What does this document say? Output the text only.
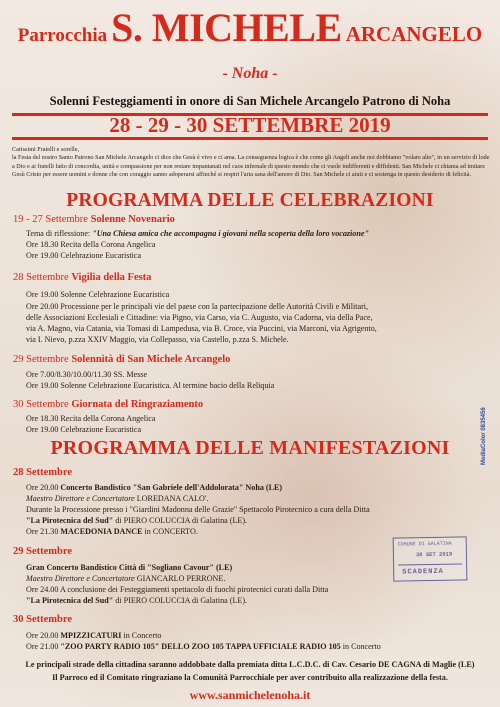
Parrocchia S. MICHELE ARCANGELO
- Noha -
Solenni Festeggiamenti in onore di San Michele Arcangelo Patrono di Noha
28 - 29 - 30 SETTEMBRE 2019
Carissimi Fratelli e sorelle,
la Festa del nostro Santo Patrono San Michele Arcangelo ci dice che Gesù è vivo e ci ama. La conseguenza logica è che come gli Angeli anche noi dobbiamo "volare alto", in un servizio di lode a Dio e ai fratelli fatto di concordia, unità e compassione per non restare impantanati nel caos infernale di questo mondo che ci vuole indifferenti e diffidenti. San Michele ci chiama ad imitare Gesù Cristo per essere uomini e donne che con coraggio sanno adoperarsi affinché si respiri l'aria sana dell'amore di Dio. San Michele ci aiuti e ci sostenga in questo desiderio di felicità.
PROGRAMMA DELLE CELEBRAZIONI
19 - 27 Settembre Solenne Novenario
Tema di riflessione: "Una Chiesa amica che accompagna i giovani nella scoperta della loro vocazione"
Ore 18.30 Recita della Corona Angelica
Ore 19.00 Celebrazione Eucaristica
28 Settembre Vigilia della Festa
Ore 19.00 Solenne Celebrazione Eucaristica
Ore 20.00 Processione per le principali vie del paese con la partecipazione delle Autorità Civili e Militari,
delle Associazioni Ecclesiali e Cittadine: via Pigno, via Carso, via C. Augusto, via Cadorna, via della Pace,
via A. Magno, via Catania, via Tomasi di Lampedusa, via B. Croce, via Puccini, via Marconi, via Agrigento,
via I. Nievo, p.zza XXIV Maggio, via Collepasso, via Castello, p.zza S. Michele.
29 Settembre Solennità di San Michele Arcangelo
Ore 7.00/8.30/10.00/11.30 SS. Messe
Ore 19.00 Solenne Celebrazione Eucaristica. Al termine bacio della Reliquia
30 Settembre Giornata del Ringraziamento
Ore 18.30 Recita della Corona Angelica
Ore 19.00 Celebrazione Eucaristica
PROGRAMMA DELLE MANIFESTAZIONI
28 Settembre
Ore 20.00 Concerto Bandistico "San Gabriele dell'Addolorata" Noha (LE)
Maestro Direttore e Concertatore LOREDANA CALO'.
Durante la Processione presso i "Giardini Madonna delle Grazie" Spettacolo Pirotecnico a cura della Ditta
"La Pirotecnica del Sud" di PIERO COLUCCIA di Galatina (LE).
Ore 21.30 MACEDONIA DANCE in CONCERTO.
29 Settembre
Gran Concerto Bandistico Città di "Sogliano Cavour" (LE)
Maestro Direttore e Concertatore GIANCARLO PERRONE.
Ore 24.00 A conclusione dei Festeggiamenti spettacolo di fuochi pirotecnici curati dalla Ditta
"La Pirotecnica del Sud" di PIERO COLUCCIA di Galatina (LE).
30 Settembre
Ore 20.00 MPIZZICATURI in Concerto
Ore 21.00 "ZOO PARTY RADIO 105" DELLO ZOO 105 TAPPA UFFICIALE RADIO 105 in Concerto
Le principali strade della cittadina saranno addobbate dalla premiata ditta L.C.D.C. di Cav. Cesario DE CAGNA di Maglie (LE)
Il Parroco ed il Comitato ringraziano la Comunità Parrocchiale per aver contribuito alla realizzazione della festa.
www.sanmichelenoha.it
COMUNE DI GALATINA
30 SET 2019
SCADENZA
MediaColor 0835456
